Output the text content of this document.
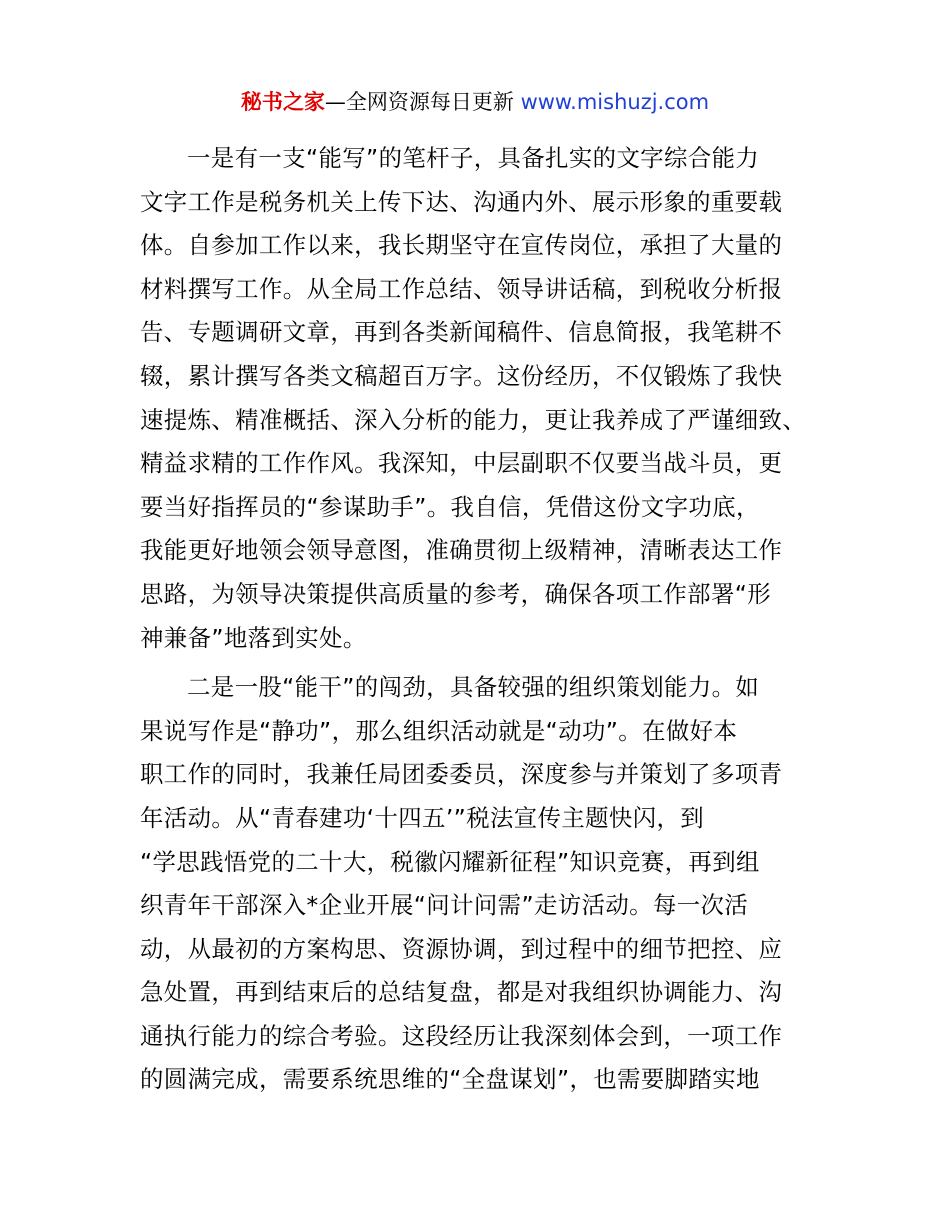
秘书之家—全网资源每日更新 www.mishuzj.com
一是有一支“能写”的笔杆子，具备扎实的文字综合能力
文字工作是税务机关上传下达、沟通内外、展示形象的重要载
体。自参加工作以来，我长期坚守在宣传岗位，承担了大量的
材料撰写工作。从全局工作总结、领导讲话稿，到税收分析报
告、专题调研文章，再到各类新闻稿件、信息简报，我笔耕不
辍，累计撰写各类文稿超百万字。这份经历，不仅锻炼了我快
速提炼、精准概括、深入分析的能力，更让我养成了严谨细致、
精益求精的工作作风。我深知，中层副职不仅要当战斗员，更
要当好指挥员的“参谋助手”。我自信，凭借这份文字功底，
我能更好地领会领导意图，准确贯彻上级精神，清晰表达工作
思路，为领导决策提供高质量的参考，确保各项工作部署“形
神兼备”地落到实处。
二是一股“能干”的闯劲，具备较强的组织策划能力。如
果说写作是“静功”，那么组织活动就是“动功”。在做好本
职工作的同时，我兼任局团委委员，深度参与并策划了多项青
年活动。从“青春建功‘十四五’”税法宣传主题快闪，到
“学思践悟党的二十大，税徽闪耀新征程”知识竞赛，再到组
织青年干部深入*企业开展“问计问需”走访活动。每一次活
动，从最初的方案构思、资源协调，到过程中的细节把控、应
急处置，再到结束后的总结复盘，都是对我组织协调能力、沟
通执行能力的综合考验。这段经历让我深刻体会到，一项工作
的圆满完成，需要系统思维的“全盘谋划”，也需要脚踏实地
